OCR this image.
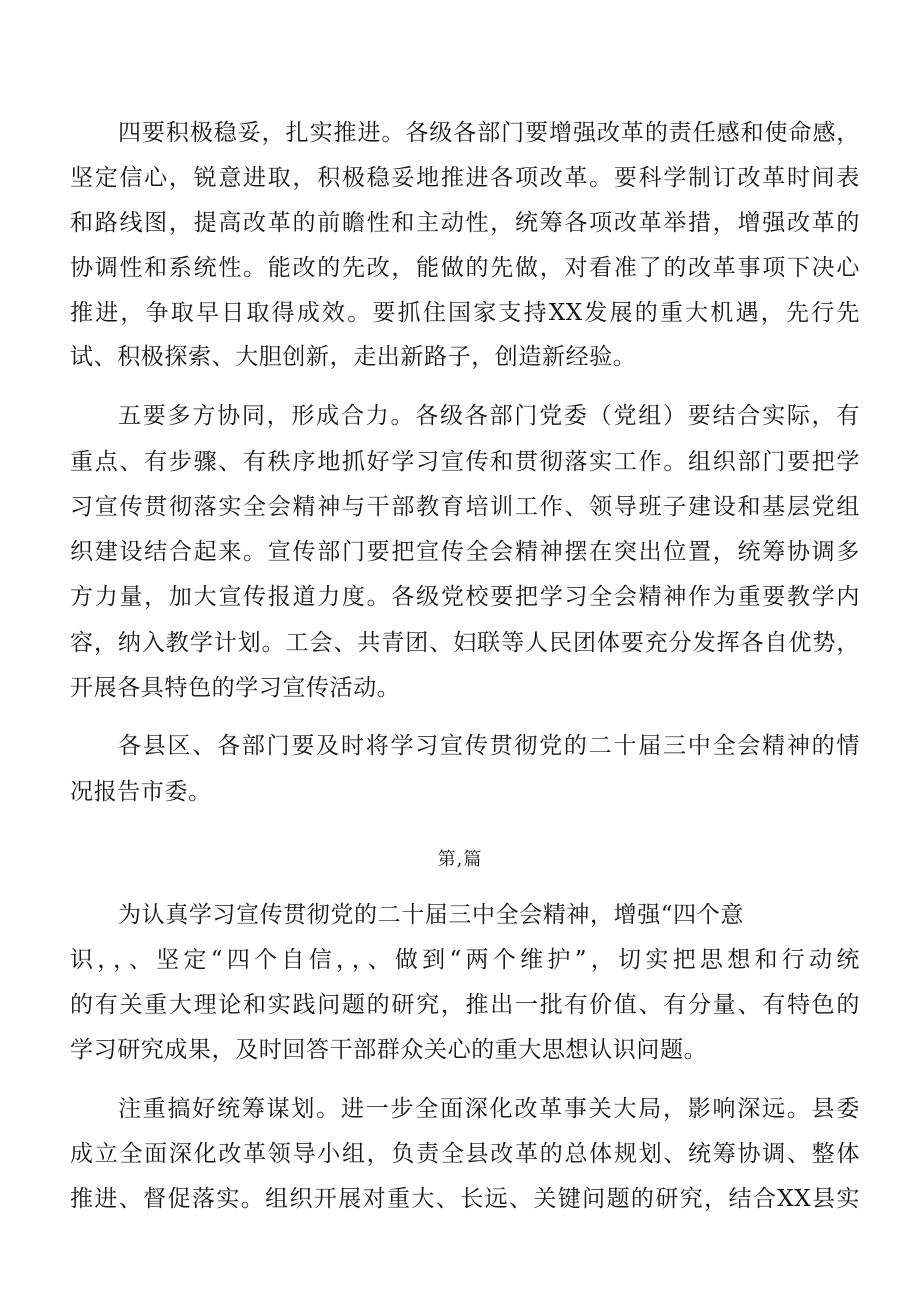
四要积极稳妥，扎实推进。各级各部门要增强改革的责任感和使命感，
坚定信心，锐意进取，积极稳妥地推进各项改革。要科学制订改革时间表
和路线图，提高改革的前瞻性和主动性，统筹各项改革举措，增强改革的
协调性和系统性。能改的先改，能做的先做，对看准了的改革事项下决心
推进，争取早日取得成效。要抓住国家支持XX发展的重大机遇，先行先
试、积极探索、大胆创新，走出新路子，创造新经验。
五要多方协同，形成合力。各级各部门党委（党组）要结合实际，有
重点、有步骤、有秩序地抓好学习宣传和贯彻落实工作。组织部门要把学
习宣传贯彻落实全会精神与干部教育培训工作、领导班子建设和基层党组
织建设结合起来。宣传部门要把宣传全会精神摆在突出位置，统筹协调多
方力量，加大宣传报道力度。各级党校要把学习全会精神作为重要教学内
容，纳入教学计划。工会、共青团、妇联等人民团体要充分发挥各自优势，
开展各具特色的学习宣传活动。
各县区、各部门要及时将学习宣传贯彻党的二十届三中全会精神的情
况报告市委。
第,篇
为认真学习宣传贯彻党的二十届三中全会精神，增强“四个意
识，，、坚定“四个自信，，、做到“两个维护”，切实把思想和行动统
的有关重大理论和实践问题的研究，推出一批有价值、有分量、有特色的
学习研究成果，及时回答干部群众关心的重大思想认识问题。
注重搞好统筹谋划。进一步全面深化改革事关大局，影响深远。县委
成立全面深化改革领导小组，负责全县改革的总体规划、统筹协调、整体
推进、督促落实。组织开展对重大、长远、关键问题的研究，结合XX县实
